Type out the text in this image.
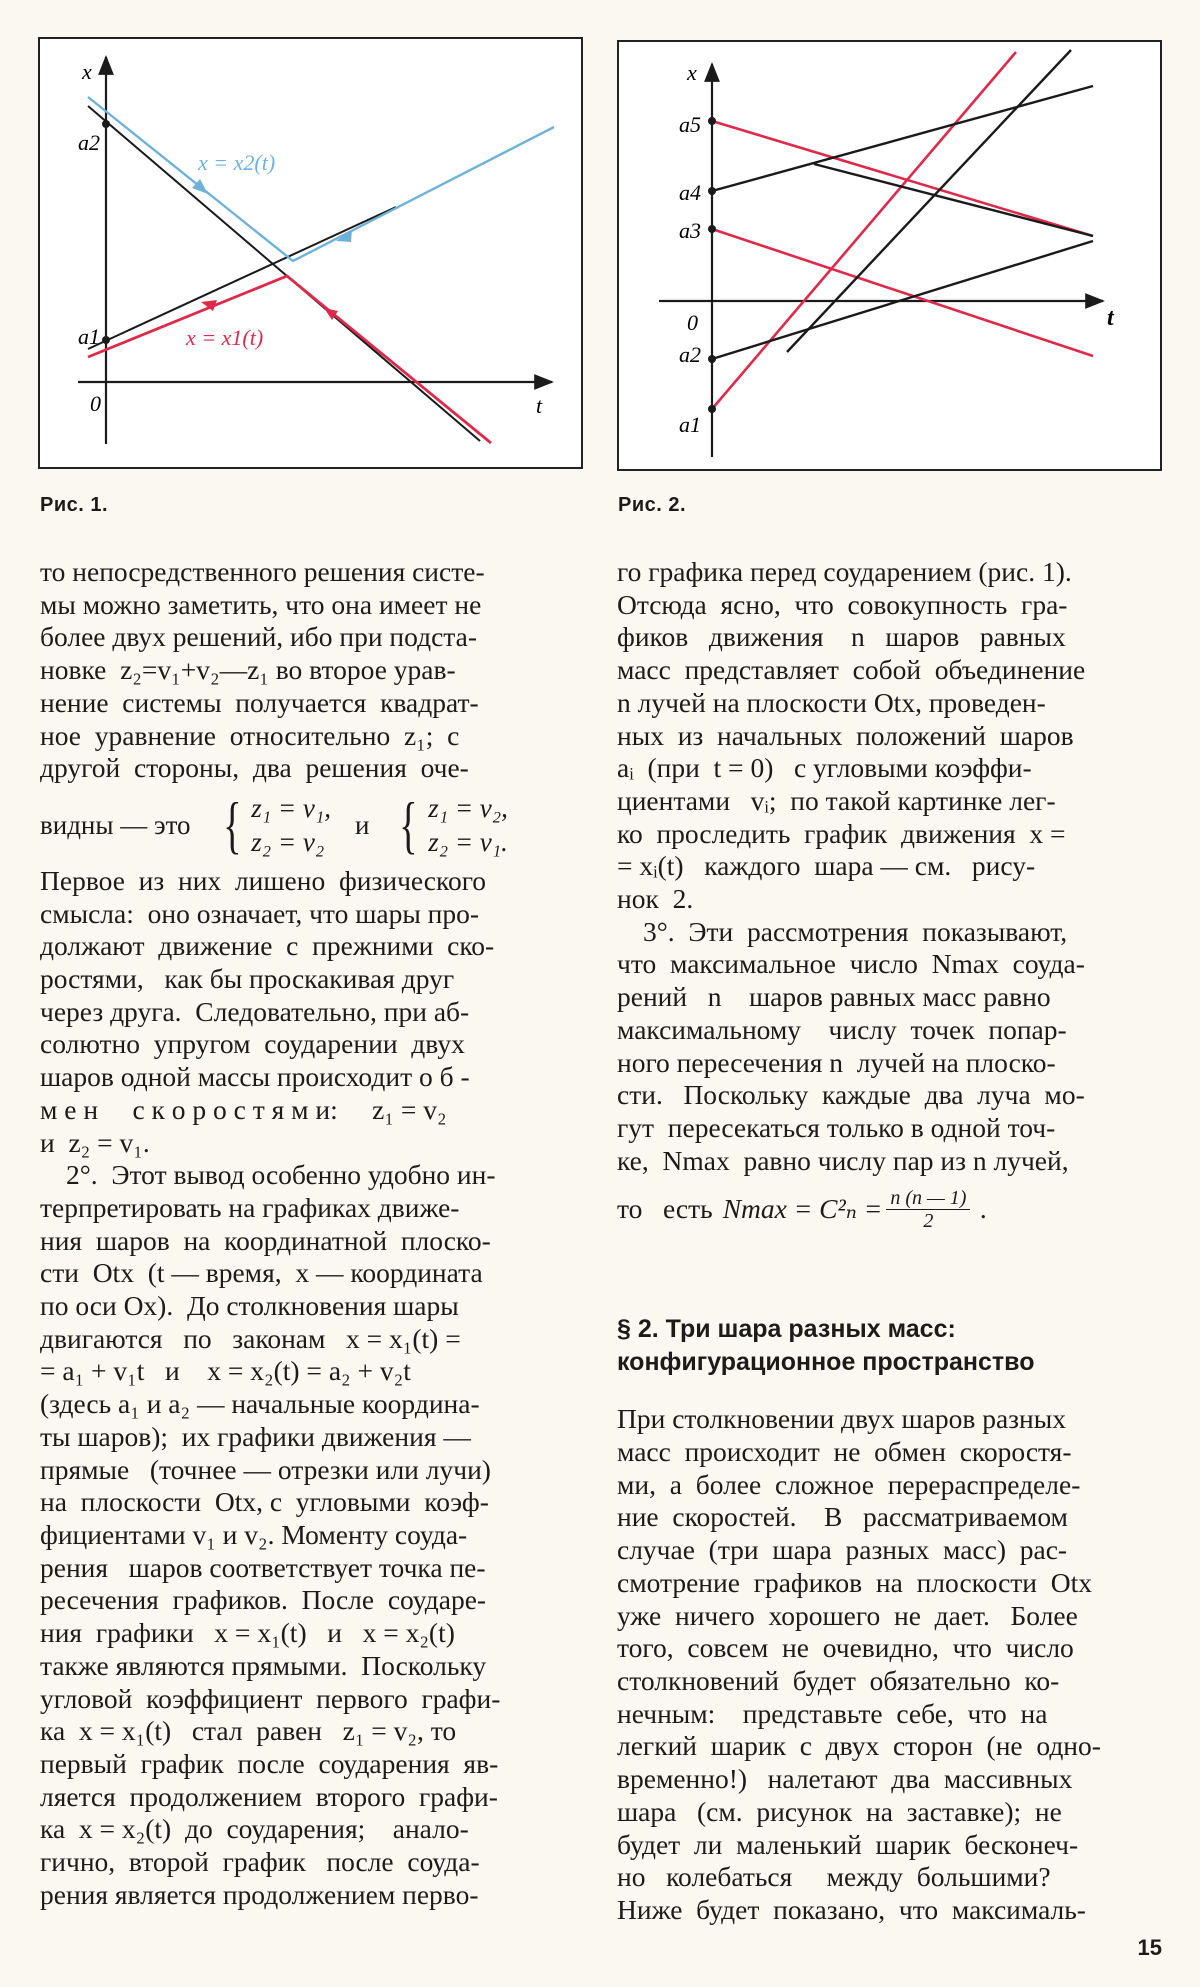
x
t
0
a2
a1
x = x2(t)
x = x1(t)
Рис. 1.
x
t
0
a5
a4
a3
a2
a1
Рис. 2.

то непосредственного решения систе-
мы можно заметить, что она имеет не
более двух решений, ибо при подста-
новке  z₂=v₁+v₂—z₁ во второе урав-
нение  системы  получается  квадрат-
ное  уравнение  относительно  z₁;  с
другой  стороны,  два  решения  оче-

видны — это { z₁ = v₁,
z₂ = v₂
и { z₁ = v₂,
z₂ = v₁.

Первое  из  них  лишено  физического
смысла:  оно означает, что шары про-
должают  движение  с  прежними  ско-
ростями,   как бы проскакивая друг
через друга.  Следовательно, при аб-
солютно  упругом  соударении  двух
шаров одной массы происходит о б -
м е н     с к о р о с т я м и:     z₁ = v₂
и  z₂ = v₁.

2°.  Этот вывод особенно удобно ин-
терпретировать на графиках движе-
ния  шаров  на  координатной  плоско-
сти  Otx  (t — время,  x — координата
по оси Ox).  До столкновения шары
двигаются   по   законам   x = x₁(t) =
= a₁ + v₁t   и    x = x₂(t) = a₂ + v₂t
(здесь a₁ и a₂ — начальные координа-
ты шаров);  их графики движения —
прямые   (точнее — отрезки или лучи)
на  плоскости  Otx, с  угловыми  коэф-
фициентами v₁ и v₂. Моменту соуда-
рения   шаров соответствует точка пе-
ресечения  графиков.  После  соударе-
ния  графики   x = x₁(t)   и   x = x₂(t)
также являются прямыми.  Поскольку
угловой  коэффициент  первого  графи-
ка  x = x₁(t)   стал  равен   z₁ = v₂, то
первый  график  после  соударения  яв-
ляется  продолжением  второго  графи-
ка  x = x₂(t)  до  соударения;    анало-
гично,  второй  график   после  соуда-
рения является продолжением перво-

го графика перед соударением (рис. 1).
Отсюда  ясно,  что  совокупность  гра-
фиков   движения    n   шаров   равных
масс  представляет  собой  объединение
n лучей на плоскости Otx, проведен-
ных  из  начальных  положений  шаров
aᵢ  (при  t = 0)   с угловыми коэффи-
циентами   vᵢ;  по такой картинке лег-
ко  проследить  график  движения  x =
= xᵢ(t)   каждого  шара — см.   рису-
нок  2.

3°.  Эти  рассмотрения  показывают,
что  максимальное  число  Nmax  соуда-
рений   n    шаров равных масс равно
максимальному    числу  точек  попар-
ного пересечения n  лучей на плоско-
сти.   Поскольку  каждые  два  луча  мо-
гут  пересекаться только в одной точ-
ке,  Nmax  равно числу пар из n лучей,

то   есть $Nmax = C^2_n = \frac{n (n — 1)}{2}$ .
§ 2. Три шара разных масс:
конфигурационное пространство

При столкновении двух шаров разных
масс  происходит  не  обмен  скоростя-
ми,  а  более  сложное  перераспределе-
ние  скоростей.    В   рассматриваемом
случае  (три  шара  разных  масс)  рас-
смотрение  графиков  на  плоскости  Otx
уже  ничего  хорошего  не  дает.   Более
того,  совсем  не  очевидно,  что  число
столкновений  будет  обязательно  ко-
нечным:    представьте  себе,  что  на
легкий  шарик  с  двух  сторон  (не  одно-
временно!)   налетают  два  массивных
шара   (см.  рисунок  на  заставке);  не
будет  ли  маленький  шарик  бесконеч-
но   колебаться     между  большими?
Ниже  будет  показано,  что  максималь-

15
